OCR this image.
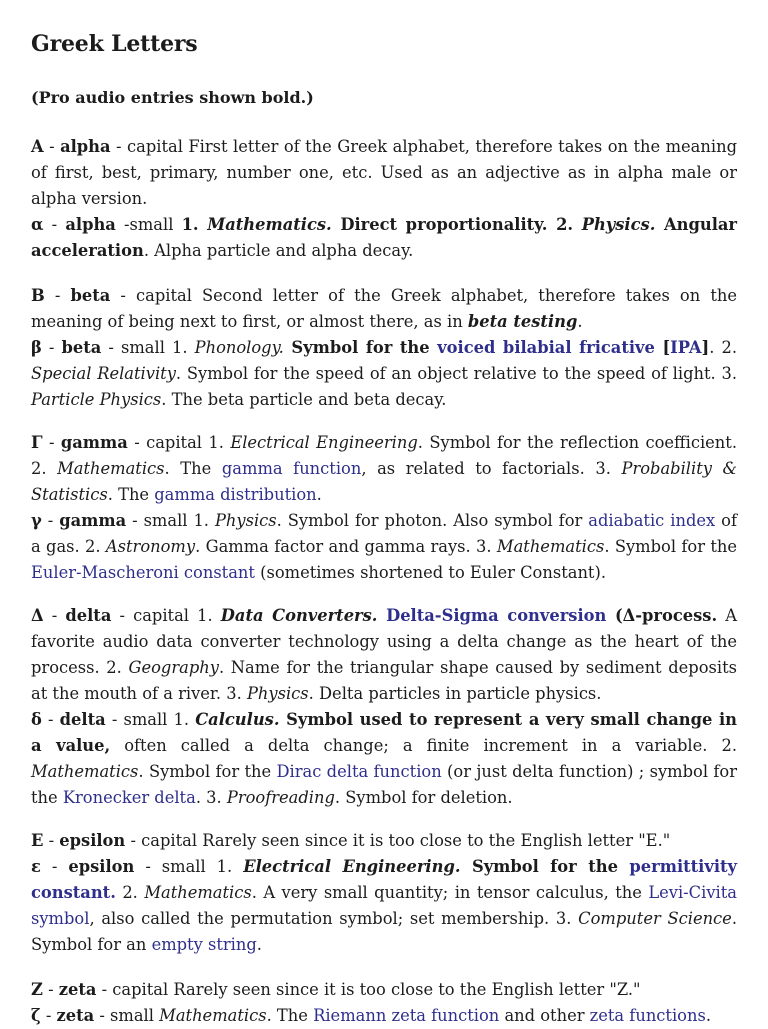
Greek Letters
(Pro audio entries shown bold.)

A - alpha - capital First letter of the Greek alphabet, therefore takes on the meaning of first, best, primary, number one, etc. Used as an adjective as in alpha male or alpha version.

α - alpha -small 1. Mathematics. Direct proportionality. 2. Physics. Angular acceleration. Alpha particle and alpha decay.

B - beta - capital Second letter of the Greek alphabet, therefore takes on the meaning of being next to first, or almost there, as in beta testing.

β - beta - small 1. Phonology. Symbol for the voiced bilabial fricative [IPA]. 2. Special Relativity. Symbol for the speed of an object relative to the speed of light. 3. Particle Physics. The beta particle and beta decay.

Γ - gamma - capital 1. Electrical Engineering. Symbol for the reflection coefficient. 2. Mathematics. The gamma function, as related to factorials. 3. Probability & Statistics. The gamma distribution.

γ - gamma - small 1. Physics. Symbol for photon. Also symbol for adiabatic index of a gas. 2. Astronomy. Gamma factor and gamma rays. 3. Mathematics. Symbol for the Euler-Mascheroni constant (sometimes shortened to Euler Constant).

Δ - delta - capital 1. Data Converters. Delta-Sigma conversion (Δ-process. A favorite audio data converter technology using a delta change as the heart of the process. 2. Geography. Name for the triangular shape caused by sediment deposits at the mouth of a river. 3. Physics. Delta particles in particle physics.

δ - delta - small 1. Calculus. Symbol used to represent a very small change in a value, often called a delta change; a finite increment in a variable. 2. Mathematics. Symbol for the Dirac delta function (or just delta function) ; symbol for the Kronecker delta. 3. Proofreading. Symbol for deletion.

E - epsilon - capital Rarely seen since it is too close to the English letter "E."

ε - epsilon - small 1. Electrical Engineering. Symbol for the permittivity constant. 2. Mathematics. A very small quantity; in tensor calculus, the Levi-Civita symbol, also called the permutation symbol; set membership. 3. Computer Science. Symbol for an empty string.

Z - zeta - capital Rarely seen since it is too close to the English letter "Z."

ζ - zeta - small Mathematics. The Riemann zeta function and other zeta functions.
